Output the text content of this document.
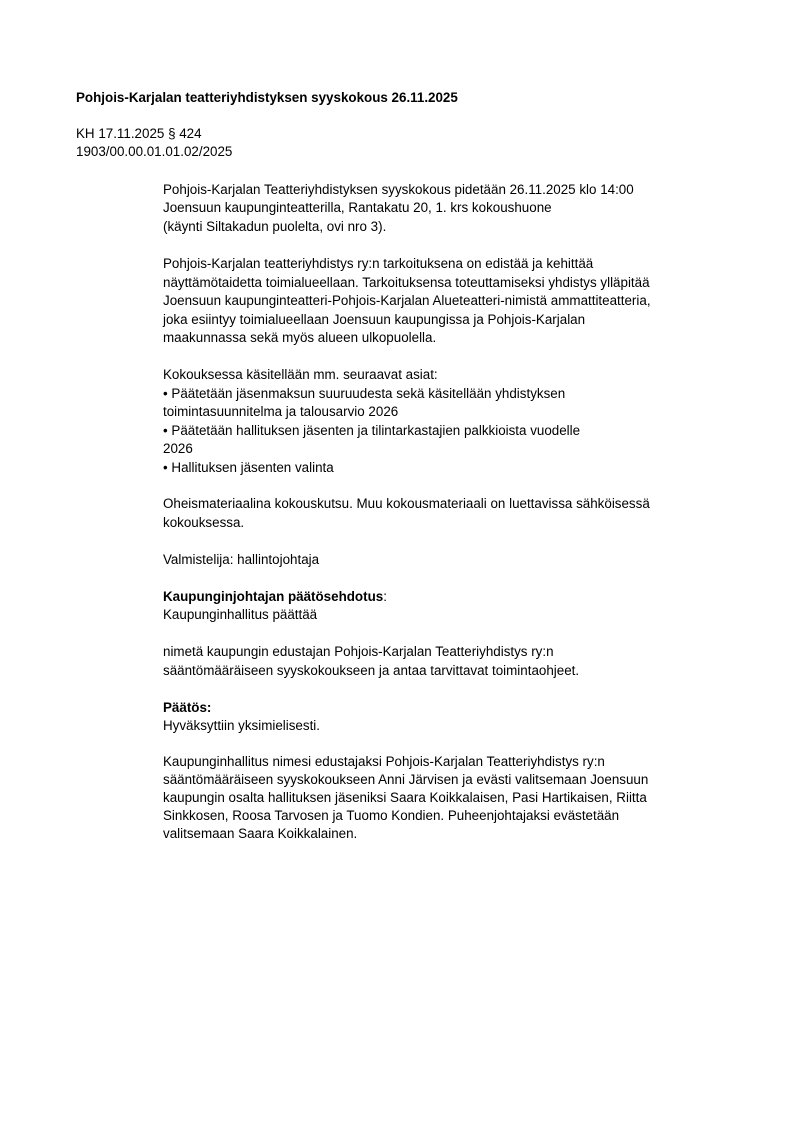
Pohjois-Karjalan teatteriyhdistyksen syyskokous 26.11.2025
KH 17.11.2025 § 424
1903/00.00.01.01.02/2025
Pohjois-Karjalan Teatteriyhdistyksen syyskokous pidetään 26.11.2025 klo 14:00
Joensuun kaupunginteatterilla, Rantakatu 20, 1. krs kokoushuone
(käynti Siltakadun puolelta, ovi nro 3).
Pohjois-Karjalan teatteriyhdistys ry:n tarkoituksena on edistää ja kehittää
näyttämötaidetta toimialueellaan. Tarkoituksensa toteuttamiseksi yhdistys ylläpitää
Joensuun kaupunginteatteri-Pohjois-Karjalan Alueteatteri-nimistä ammattiteatteria,
joka esiintyy toimialueellaan Joensuun kaupungissa ja Pohjois-Karjalan
maakunnassa sekä myös alueen ulkopuolella.
Kokouksessa käsitellään mm. seuraavat asiat:
• Päätetään jäsenmaksun suuruudesta sekä käsitellään yhdistyksen
toimintasuunnitelma ja talousarvio 2026
• Päätetään hallituksen jäsenten ja tilintarkastajien palkkioista vuodelle
2026
• Hallituksen jäsenten valinta
Oheismateriaalina kokouskutsu. Muu kokousmateriaali on luettavissa sähköisessä
kokouksessa.
Valmistelija: hallintojohtaja
Kaupunginjohtajan päätösehdotus:
Kaupunginhallitus päättää
nimetä kaupungin edustajan Pohjois-Karjalan Teatteriyhdistys ry:n
sääntömääräiseen syyskokoukseen ja antaa tarvittavat toimintaohjeet.
Päätös:
Hyväksyttiin yksimielisesti.
Kaupunginhallitus nimesi edustajaksi Pohjois-Karjalan Teatteriyhdistys ry:n
sääntömääräiseen syyskokoukseen Anni Järvisen ja evästi valitsemaan Joensuun
kaupungin osalta hallituksen jäseniksi Saara Koikkalaisen, Pasi Hartikaisen, Riitta
Sinkkosen, Roosa Tarvosen ja Tuomo Kondien. Puheenjohtajaksi evästetään
valitsemaan Saara Koikkalainen.
